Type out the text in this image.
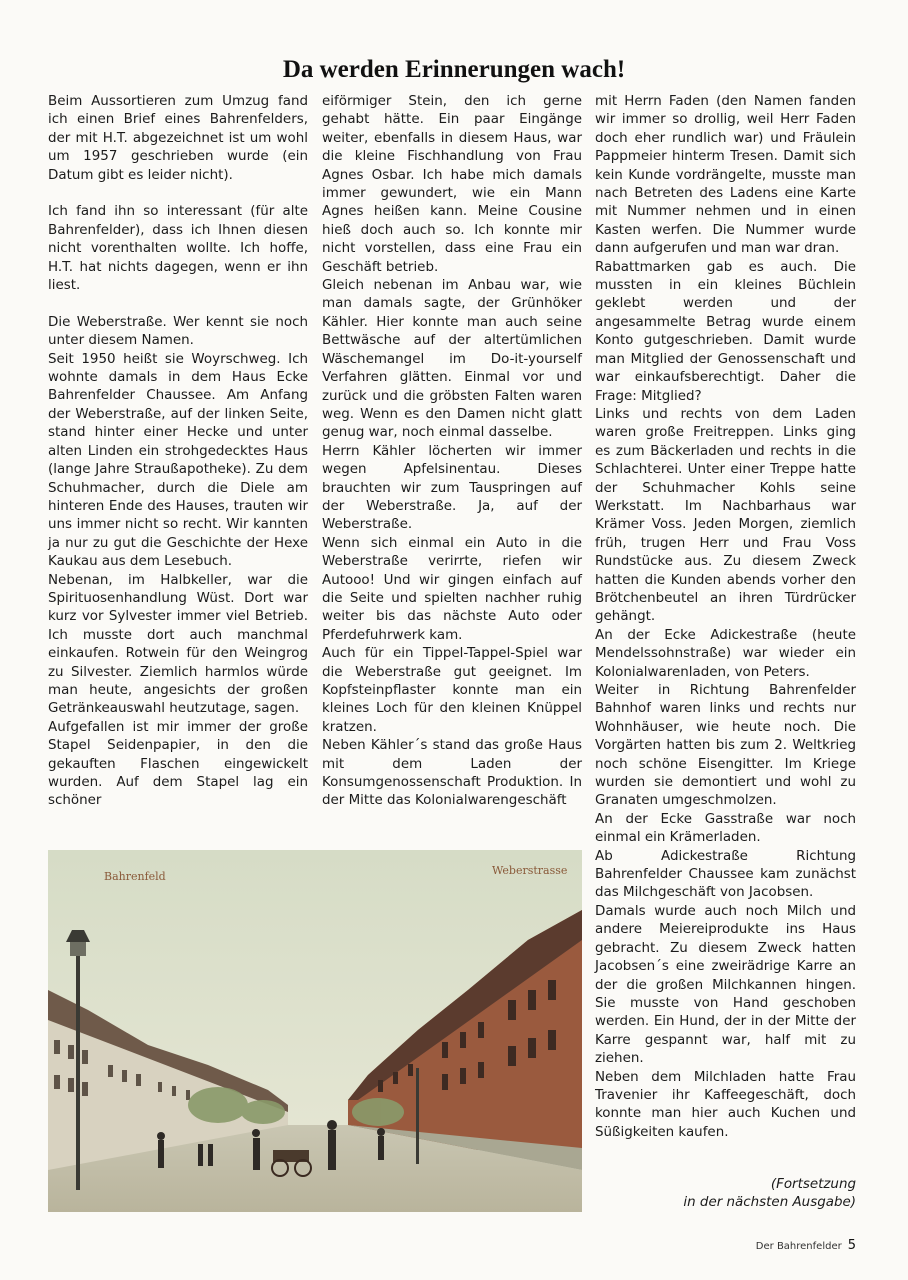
Da werden Erinnerungen wach!

Beim Aussortieren zum Umzug fand ich einen Brief eines Bahrenfelders, der mit H.T. abgezeichnet ist um wohl um 1957 geschrieben wurde (ein Datum gibt es leider nicht).

Ich fand ihn so interessant (für alte Bahrenfelder), dass ich Ihnen diesen nicht vorenthalten wollte. Ich hoffe, H.T. hat nichts dagegen, wenn er ihn liest.

Die Weberstraße. Wer kennt sie noch unter diesem Namen.

Seit 1950 heißt sie Woyrschweg. Ich wohnte damals in dem Haus Ecke Bahrenfelder Chaussee. Am Anfang der Weberstraße, auf der linken Seite, stand hinter einer Hecke und unter alten Linden ein strohgedecktes Haus (lange Jahre Straußapotheke). Zu dem Schuhmacher, durch die Diele am hinteren Ende des Hauses, trauten wir uns immer nicht so recht. Wir kannten ja nur zu gut die Geschichte der Hexe Kaukau aus dem Lesebuch.

Nebenan, im Halbkeller, war die Spirituosenhandlung Wüst. Dort war kurz vor Sylvester immer viel Betrieb. Ich musste dort auch manchmal einkaufen. Rotwein für den Weingrog zu Silvester. Ziemlich harmlos würde man heute, angesichts der großen Getränkeauswahl heutzutage, sagen.

Aufgefallen ist mir immer der große Stapel Seidenpapier, in den die gekauften Flaschen eingewickelt wurden. Auf dem Stapel lag ein schöner

eiförmiger Stein, den ich gerne gehabt hätte. Ein paar Eingänge weiter, ebenfalls in diesem Haus, war die kleine Fischhandlung von Frau Agnes Osbar. Ich habe mich damals immer gewundert, wie ein Mann Agnes heißen kann. Meine Cousine hieß doch auch so. Ich konnte mir nicht vorstellen, dass eine Frau ein Geschäft betrieb.

Gleich nebenan im Anbau war, wie man damals sagte, der Grünhöker Kähler. Hier konnte man auch seine Bettwäsche auf der altertümlichen Wäschemangel im Do-it-yourself Verfahren glätten. Einmal vor und zurück und die gröbsten Falten waren weg. Wenn es den Damen nicht glatt genug war, noch einmal dasselbe.

Herrn Kähler löcherten wir immer wegen Apfelsinentau. Dieses brauchten wir zum Tauspringen auf der Weberstraße. Ja, auf der Weberstraße.

Wenn sich einmal ein Auto in die Weberstraße verirrte, riefen wir Autooo! Und wir gingen einfach auf die Seite und spielten nachher ruhig weiter bis das nächste Auto oder Pferdefuhrwerk kam.

Auch für ein Tippel-Tappel-Spiel war die Weberstraße gut geeignet. Im Kopfsteinpflaster konnte man ein kleines Loch für den kleinen Knüppel kratzen.

Neben Kähler´s stand das große Haus mit dem Laden der Konsumgenossenschaft Produktion. In der Mitte das Kolonialwarengeschäft

mit Herrn Faden (den Namen fanden wir immer so drollig, weil Herr Faden doch eher rundlich war) und Fräulein Pappmeier hinterm Tresen. Damit sich kein Kunde vordrängelte, musste man nach Betreten des Ladens eine Karte mit Nummer nehmen und in einen Kasten werfen. Die Nummer wurde dann aufgerufen und man war dran.

Rabattmarken gab es auch. Die mussten in ein kleines Büchlein geklebt werden und der angesammelte Betrag wurde einem Konto gutgeschrieben. Damit wurde man Mitglied der Genossenschaft und war einkaufsberechtigt. Daher die Frage: Mitglied?

Links und rechts von dem Laden waren große Freitreppen. Links ging es zum Bäckerladen und rechts in die Schlachterei. Unter einer Treppe hatte der Schuhmacher Kohls seine Werkstatt. Im Nachbarhaus war Krämer Voss. Jeden Morgen, ziemlich früh, trugen Herr und Frau Voss Rundstücke aus. Zu diesem Zweck hatten die Kunden abends vorher den Brötchenbeutel an ihren Türdrücker gehängt.

An der Ecke Adickestraße (heute Mendelssohnstraße) war wieder ein Kolonialwarenladen, von Peters.

Weiter in Richtung Bahrenfelder Bahnhof waren links und rechts nur Wohnhäuser, wie heute noch. Die Vorgärten hatten bis zum 2. Weltkrieg noch schöne Eisengitter. Im Kriege wurden sie demontiert und wohl zu Granaten umgeschmolzen.

An der Ecke Gasstraße war noch einmal ein Krämerladen.

Ab Adickestraße Richtung Bahrenfelder Chaussee kam zunächst das Milchgeschäft von Jacobsen.

Damals wurde auch noch Milch und andere Meiereiprodukte ins Haus gebracht. Zu diesem Zweck hatten Jacobsen´s eine zweirädrige Karre an der die großen Milchkannen hingen. Sie musste von Hand geschoben werden. Ein Hund, der in der Mitte der Karre gespannt war, half mit zu ziehen.

Neben dem Milchladen hatte Frau Travenier ihr Kaffeegeschäft, doch konnte man hier auch Kuchen und Süßigkeiten kaufen.

Bahrenfeld	Weberstrasse
(Fortsetzung
in der nächsten Ausgabe)
Der Bahrenfelder 5
